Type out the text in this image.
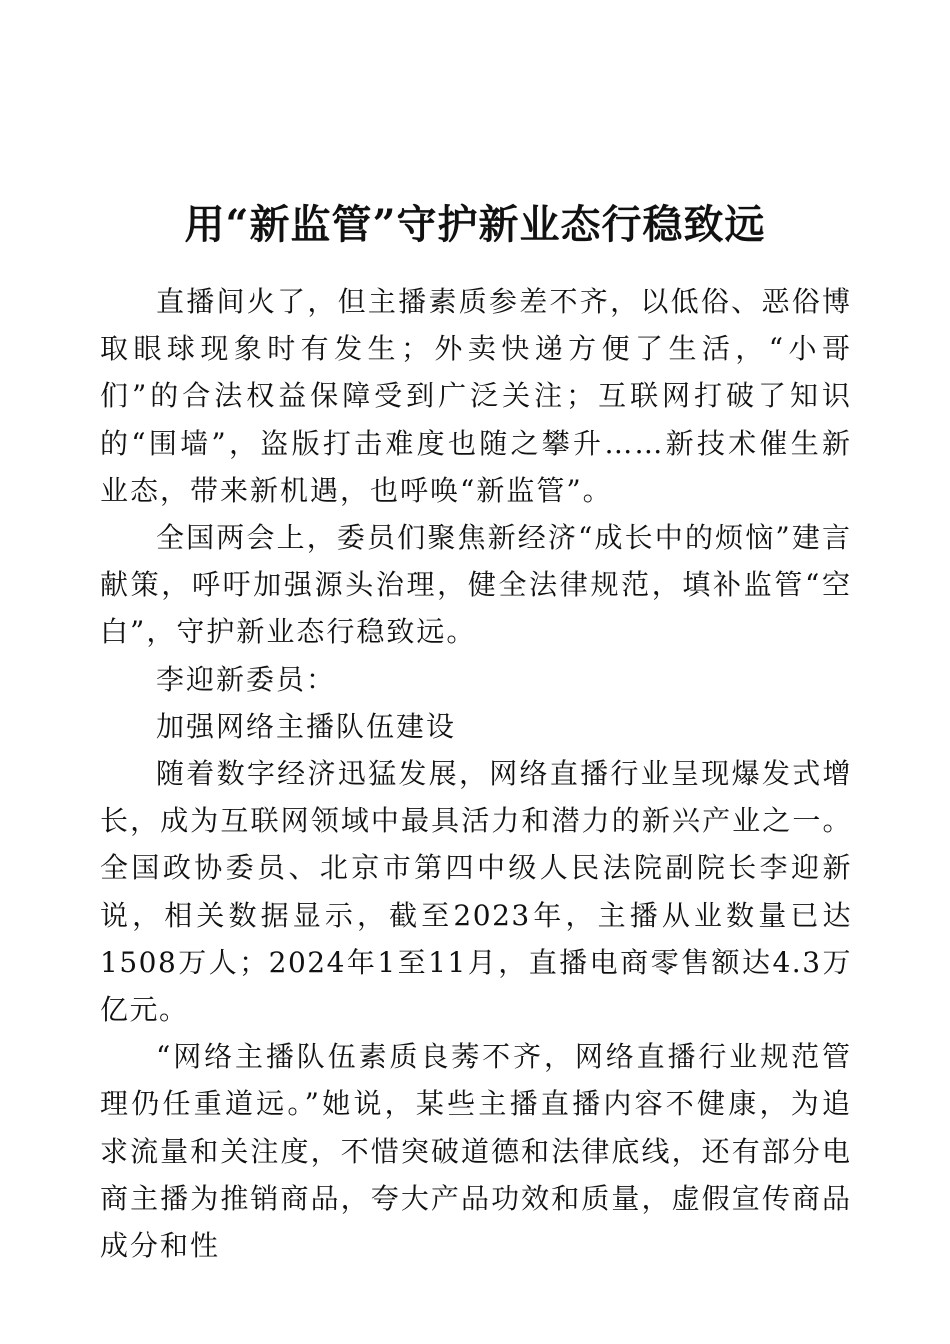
用“新监管”守护新业态行稳致远

直播间火了，但主播素质参差不齐，以低俗、恶俗博取眼球现象时有发生；外卖快递方便了生活，“小哥们”的合法权益保障受到广泛关注；互联网打破了知识的“围墙”，盗版打击难度也随之攀升……新技术催生新业态，带来新机遇，也呼唤“新监管”。

全国两会上，委员们聚焦新经济“成长中的烦恼”建言献策，呼吁加强源头治理，健全法律规范，填补监管“空白”，守护新业态行稳致远。

李迎新委员：

加强网络主播队伍建设

随着数字经济迅猛发展，网络直播行业呈现爆发式增长，成为互联网领域中最具活力和潜力的新兴产业之一。全国政协委员、北京市第四中级人民法院副院长李迎新说，相关数据显示，截至2023年，主播从业数量已达1508万人；2024年1至11月，直播电商零售额达4.3万亿元。

“网络主播队伍素质良莠不齐，网络直播行业规范管理仍任重道远。”她说，某些主播直播内容不健康，为追求流量和关注度，不惜突破道德和法律底线，还有部分电商主播为推销商品，夸大产品功效和质量，虚假宣传商品成分和性
